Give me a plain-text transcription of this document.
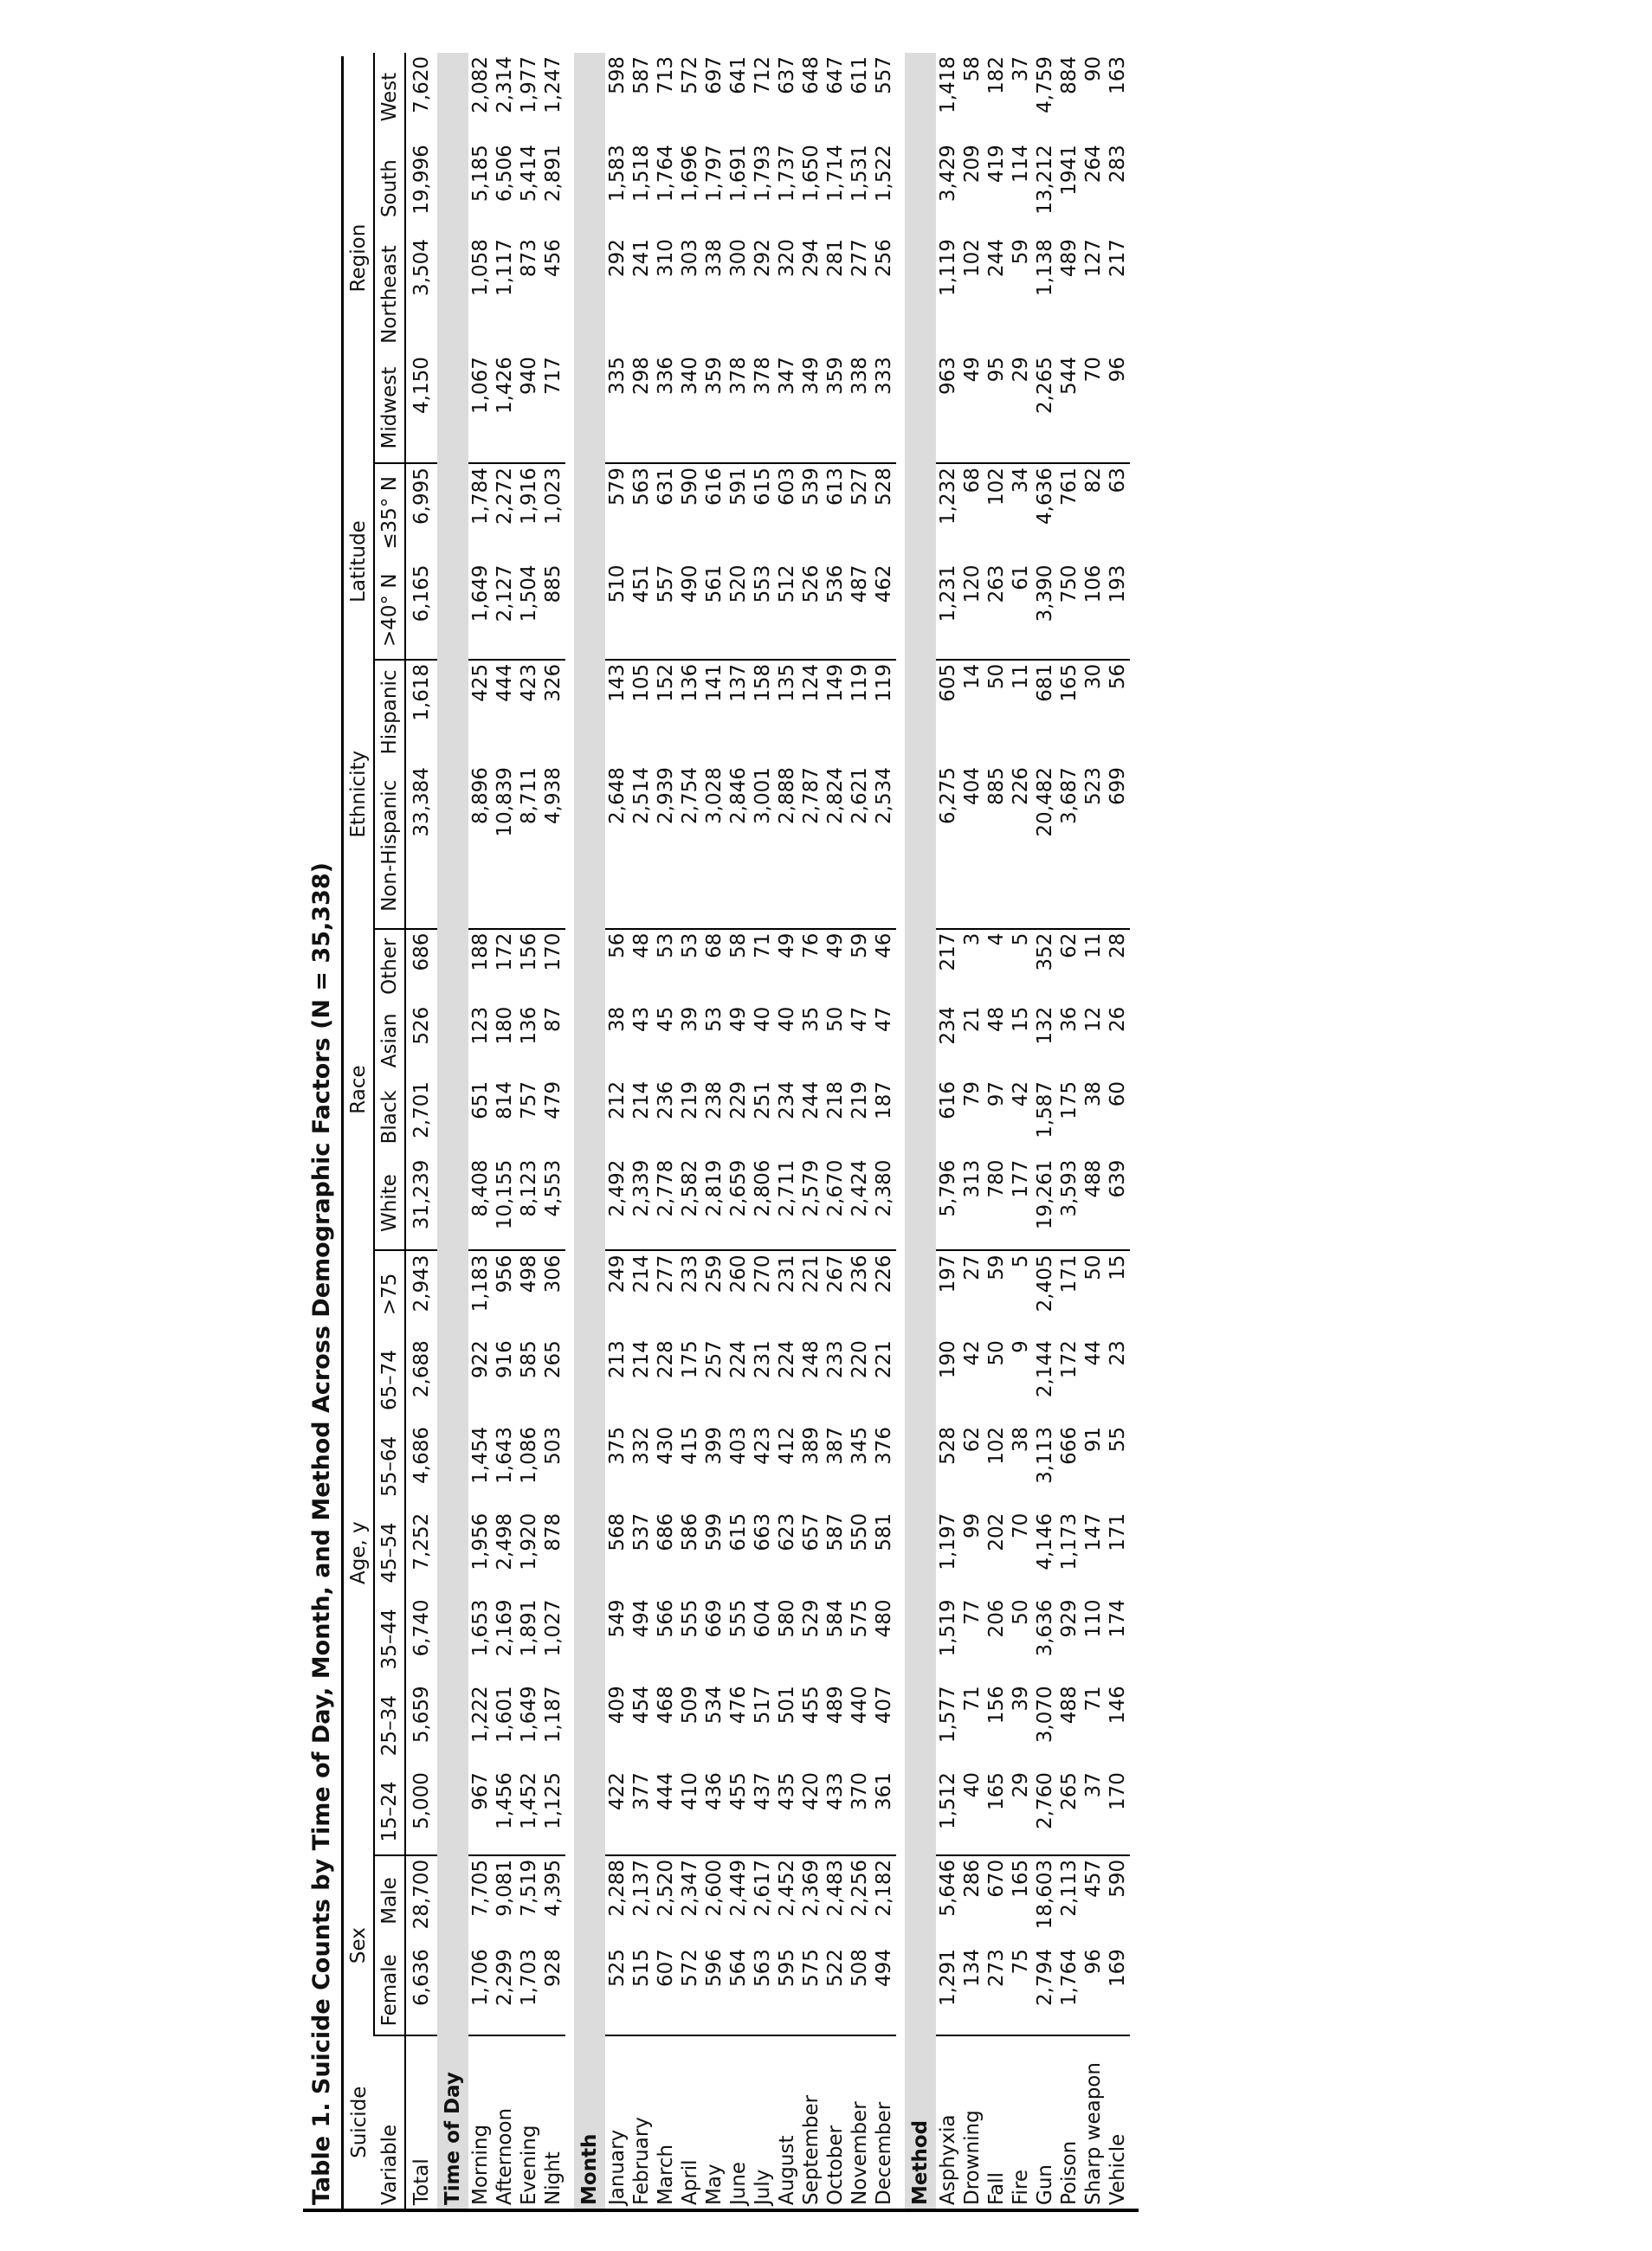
Table 1. Suicide Counts by Time of Day, Month, and Method Across Demographic Factors (N = 35,338) Suicide	Sex		Age, y							Race				Ethnicity		Latitude		Region			
Variable	Female	Male	15–24	25–34	35–44	45–54	55–64	65–74	>75	White	Black	Asian	Other	Non-Hispanic	Hispanic	>40° N	≤35° N	Midwest	Northeast	South	West
Total	6,636	28,700	5,000	5,659	6,740	7,252	4,686	2,688	2,943	31,239	2,701	526	686	33,384	1,618	6,165	6,995	4,150	3,504	19,996	7,620
Time of Day																					
Morning	1,706	7,705	967	1,222	1,653	1,956	1,454	922	1,183	8,408	651	123	188	8,896	425	1,649	1,784	1,067	1,058	5,185	2,082
Afternoon	2,299	9,081	1,456	1,601	2,169	2,498	1,643	916	956	10,155	814	180	172	10,839	444	2,127	2,272	1,426	1,117	6,506	2,314
Evening	1,703	7,519	1,452	1,649	1,891	1,920	1,086	585	498	8,123	757	136	156	8,711	423	1,504	1,916	940	873	5,414	1,977
Night	928	4,395	1,125	1,187	1,027	878	503	265	306	4,553	479	87	170	4,938	326	885	1,023	717	456	2,891	1,247

Month																					
January	525	2,288	422	409	549	568	375	213	249	2,492	212	38	56	2,648	143	510	579	335	292	1,583	598
February	515	2,137	377	454	494	537	332	214	214	2,339	214	43	48	2,514	105	451	563	298	241	1,518	587
March	607	2,520	444	468	566	686	430	228	277	2,778	236	45	53	2,939	152	557	631	336	310	1,764	713
April	572	2,347	410	509	555	586	415	175	233	2,582	219	39	53	2,754	136	490	590	340	303	1,696	572
May	596	2,600	436	534	669	599	399	257	259	2,819	238	53	68	3,028	141	561	616	359	338	1,797	697
June	564	2,449	455	476	555	615	403	224	260	2,659	229	49	58	2,846	137	520	591	378	300	1,691	641
July	563	2,617	437	517	604	663	423	231	270	2,806	251	40	71	3,001	158	553	615	378	292	1,793	712
August	595	2,452	435	501	580	623	412	224	231	2,711	234	40	49	2,888	135	512	603	347	320	1,737	637
September	575	2,369	420	455	529	657	389	248	221	2,579	244	35	76	2,787	124	526	539	349	294	1,650	648
October	522	2,483	433	489	584	587	387	233	267	2,670	218	50	49	2,824	149	536	613	359	281	1,714	647
November	508	2,256	370	440	575	550	345	220	236	2,424	219	47	59	2,621	119	487	527	338	277	1,531	611
December	494	2,182	361	407	480	581	376	221	226	2,380	187	47	46	2,534	119	462	528	333	256	1,522	557

Method																					
Asphyxia	1,291	5,646	1,512	1,577	1,519	1,197	528	190	197	5,796	616	234	217	6,275	605	1,231	1,232	963	1,119	3,429	1,418
Drowning	134	286	40	71	77	99	62	42	27	313	79	21	3	404	14	120	68	49	102	209	58
Fall	273	670	165	156	206	202	102	50	59	780	97	48	4	885	50	263	102	95	244	419	182
Fire	75	165	29	39	50	70	38	9	5	177	42	15	5	226	11	61	34	29	59	114	37
Gun	2,794	18,603	2,760	3,070	3,636	4,146	3,113	2,144	2,405	19,261	1,587	132	352	20,482	681	3,390	4,636	2,265	1,138	13,212	4,759
Poison	1,764	2,113	265	488	929	1,173	666	172	171	3,593	175	36	62	3,687	165	750	761	544	489	1941	884
Sharp weapon	96	457	37	71	110	147	91	44	50	488	38	12	11	523	30	106	82	70	127	264	90
Vehicle	169	590	170	146	174	171	55	23	15	639	60	26	28	699	56	193	63	96	217	283	163
